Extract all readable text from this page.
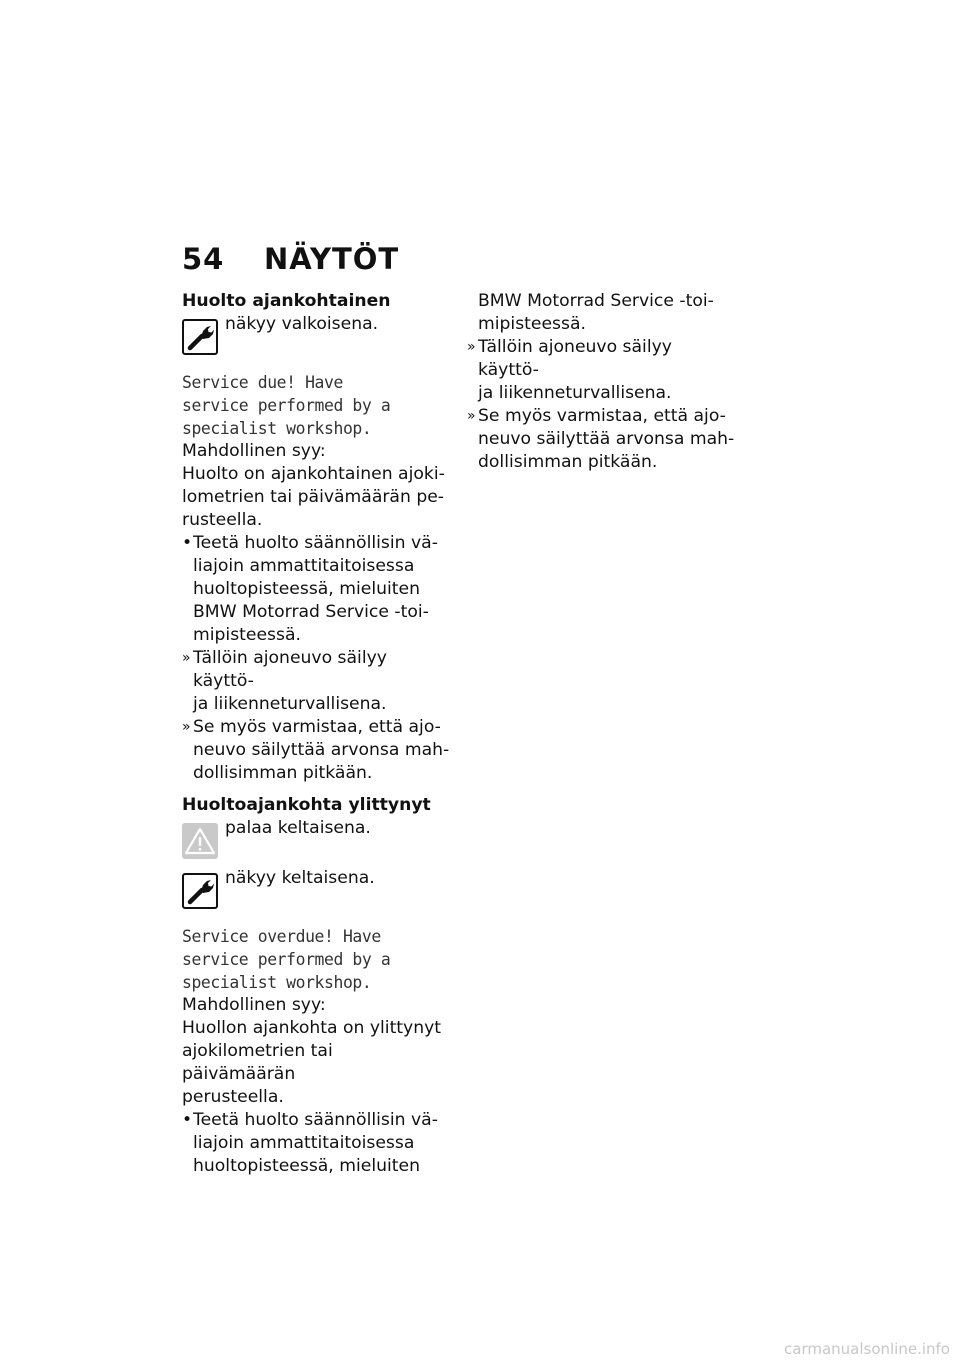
54 NÄYTÖT
Huolto ajankohtainen
näkyy valkoisena.
Service due! Have
service performed by a
specialist workshop.
Mahdollinen syy:
Huolto on ajankohtainen ajoki-
lometrien tai päivämäärän pe-
rusteella.
• Teetä huolto säännöllisin vä-
liajoin ammattitaitoisessa
huoltopisteessä, mieluiten
BMW Motorrad Service -toi-
mipisteessä.
» Tällöin ajoneuvo säilyy käyttö-
ja liikenneturvallisena.
» Se myös varmistaa, että ajo-
neuvo säilyttää arvonsa mah-
dollisimman pitkään.
Huoltoajankohta ylittynyt
palaa keltaisena.
näkyy keltaisena.
Service overdue! Have
service performed by a
specialist workshop.
Mahdollinen syy:
Huollon ajankohta on ylittynyt
ajokilometrien tai päivämäärän
perusteella.
• Teetä huolto säännöllisin vä-
liajoin ammattitaitoisessa
huoltopisteessä, mieluiten
BMW Motorrad Service -toi-
mipisteessä.
» Tällöin ajoneuvo säilyy käyttö-
ja liikenneturvallisena.
» Se myös varmistaa, että ajo-
neuvo säilyttää arvonsa mah-
dollisimman pitkään.
carmanualsonline.info
